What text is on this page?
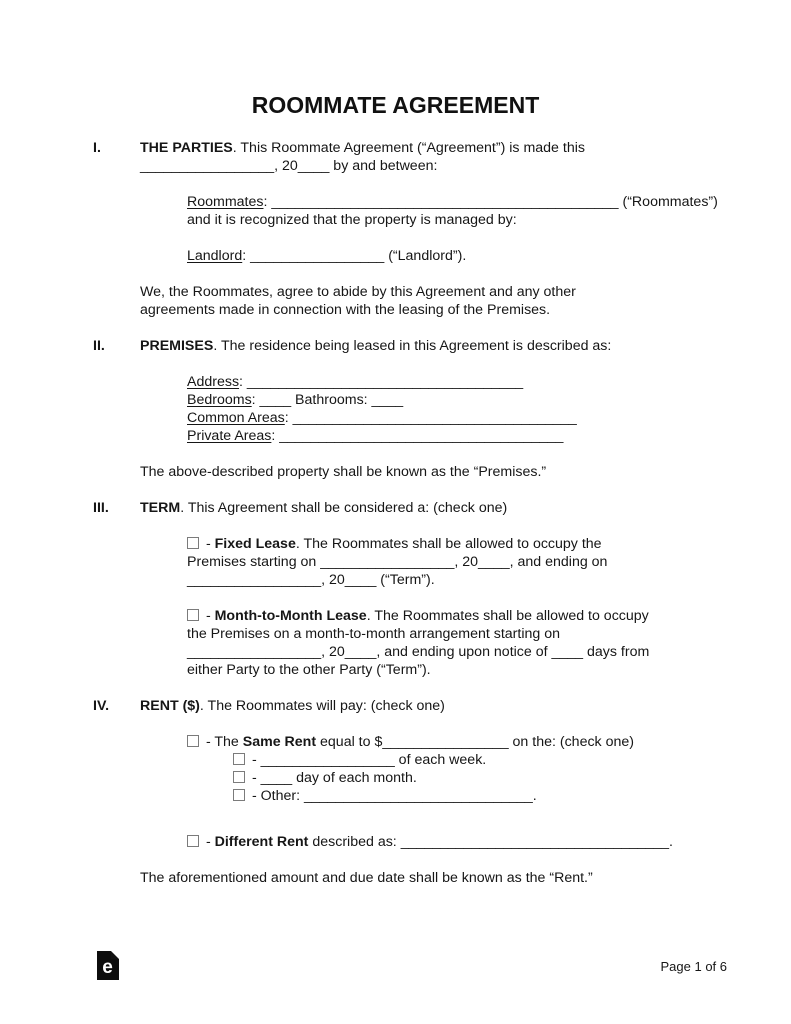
ROOMMATE AGREEMENT
I.	THE PARTIES. This Roommate Agreement (“Agreement”) is made this

_________________, 20____ by and between:

Roommates: ____________________________________________ (“Roommates”)

and it is recognized that the property is managed by:

Landlord: _________________ (“Landlord”).

We, the Roommates, agree to abide by this Agreement and any other

agreements made in connection with the leasing of the Premises.

II.	PREMISES. The residence being leased in this Agreement is described as:

Address: ___________________________________

Bedrooms: ____ Bathrooms: ____

Common Areas: ____________________________________

Private Areas: ____________________________________

The above-described property shall be known as the “Premises.”

III.	TERM. This Agreement shall be considered a: (check one)

- Fixed Lease. The Roommates shall be allowed to occupy the

Premises starting on _________________, 20____, and ending on

_________________, 20____ (“Term”).

- Month-to-Month Lease. The Roommates shall be allowed to occupy

the Premises on a month-to-month arrangement starting on

_________________, 20____, and ending upon notice of ____ days from

either Party to the other Party (“Term”).

IV.	RENT ($). The Roommates will pay: (check one)

- The Same Rent equal to $________________ on the: (check one)

- _________________ of each week.

- ____ day of each month.

- Other: _____________________________.

- Different Rent described as: __________________________________.

The aforementioned amount and due date shall be known as the “Rent.”

e	Page 1 of 6
